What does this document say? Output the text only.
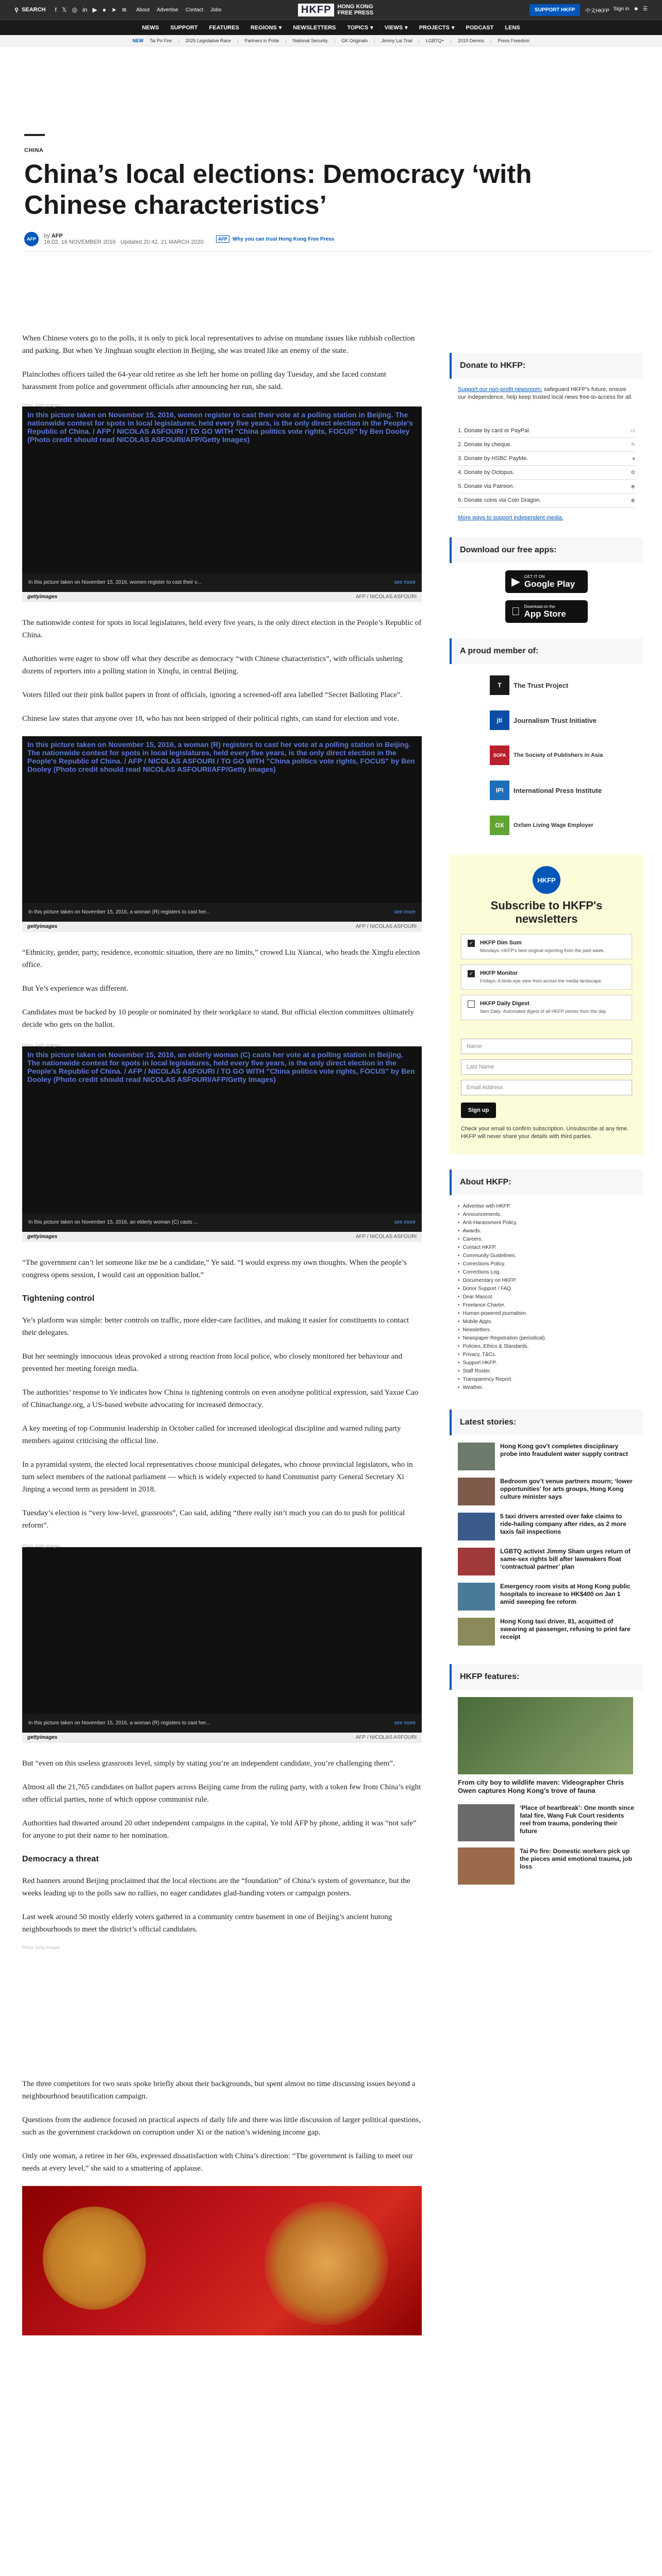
⚲ SEARCH f 𝕏 ◎ in ▶ ● ➤ ≋ About Advertise Contact Jobs	HKFP	HONG KONG
FREE PRESS	SUPPORT HKFP	中文HKFP Sign in ☻ ☰
NEWS SUPPORT FEATURES REGIONS ▾ NEWSLETTERS TOPICS ▾ VIEWS ▾ PROJECTS ▾ PODCAST LENS
NEW Tai Po Fire | 2025 Legislative Race | Partners in Pride | National Security | GK Originals | Jimmy Lai Trial | LGBTQ+ | 2019 Demos | Press Freedom
CHINA
China’s local elections: Democracy ‘with Chinese characteristics’
AFP	by AFP
16:02, 16 NOVEMBER 2016 Updated 20:42, 21 MARCH 2020	AFP	Why you can trust Hong Kong Free Press

When Chinese voters go to the polls, it is only to pick local representatives to advise on mundane issues like rubbish collection and parking. But when Ye Jinghuan sought election in Beijing, she was treated like an enemy of the state.

Plainclothes officers tailed the 64-year old retiree as she left her home on polling day Tuesday, and she faced constant harassment from police and government officials after announcing her run, she said.

Photo: Getty Images
In this picture taken on November 15, 2016, women register to cast their vote at a polling station in Beijing. The nationwide contest for spots in local legislatures, held every five years, is the only direct election in the People's Republic of China. / AFP / NICOLAS ASFOURI / TO GO WITH "China politics vote rights, FOCUS" by Ben Dooley (Photo credit should read NICOLAS ASFOURI/AFP/Getty Images)
In this picture taken on November 15, 2016, women register to cast their v...	see more
gettyimages	AFP / NICOLAS ASFOURI

The nationwide contest for spots in local legislatures, held every five years, is the only direct election in the People’s Republic of China.

Authorities were eager to show off what they describe as democracy “with Chinese characteristics”, with officials ushering dozens of reporters into a polling station in Xinqfu, in central Beijing.

Voters filled out their pink ballot papers in front of officials, ignoring a screened-off area labelled “Secret Balloting Place”.

Chinese law states that anyone over 18, who has not been stripped of their political rights, can stand for election and vote.

In this picture taken on November 15, 2016, a woman (R) registers to cast her vote at a polling station in Beijing. The nationwide contest for spots in local legislatures, held every five years, is the only direct election in the People's Republic of China. / AFP / NICOLAS ASFOURI / TO GO WITH "China politics vote rights, FOCUS" by Ben Dooley (Photo credit should read NICOLAS ASFOURI/AFP/Getty Images)
In this picture taken on November 15, 2016, a woman (R) registers to cast her...	see more
gettyimages	AFP / NICOLAS ASFOURI

“Ethnicity, gender, party, residence, economic situation, there are no limits,” crowed Liu Xiancai, who heads the Xingfu election office.

But Ye’s experience was different.

Candidates must be backed by 10 people or nominated by their workplace to stand. But official election committees ultimately decide who gets on the ballot.

Photo: Getty Images
In this picture taken on November 15, 2016, an elderly woman (C) casts her vote at a polling station in Beijing. The nationwide contest for spots in local legislatures, held every five years, is the only direct election in the People's Republic of China. / AFP / NICOLAS ASFOURI / TO GO WITH "China politics vote rights, FOCUS" by Ben Dooley (Photo credit should read NICOLAS ASFOURI/AFP/Getty Images)
In this picture taken on November 15, 2016, an elderly woman (C) casts ...	see more
gettyimages	AFP / NICOLAS ASFOURI

“The government can’t let someone like me be a candidate,” Ye said. “I would express my own thoughts. When the people’s congress opens session, I would cast an opposition ballot.”

Tightening control

Ye’s platform was simple: better controls on traffic, more elder-care facilities, and making it easier for constituents to contact their delegates.

But her seemingly innocuous ideas provoked a strong reaction from local police, who closely monitored her behaviour and prevented her meeting foreign media.

The authorities’ response to Ye indicates how China is tightening controls on even anodyne political expression, said Yaxue Cao of Chinachange.org, a US-based website advocating for increased democracy.

A key meeting of top Communist leadership in October called for increased ideological discipline and warned ruling party members against criticising the official line.

In a pyramidal system, the elected local representatives choose municipal delegates, who choose provincial legislators, who in turn select members of the national parliament — which is widely expected to hand Communist party General Secretary Xi Jinping a second term as president in 2018.

Tuesday’s election is “very low-level, grassroots”, Cao said, adding “there really isn’t much you can do to push for political reform”.

Photo: Getty Images
In this picture taken on November 15, 2016, a woman (R) registers to cast her...	see more
gettyimages	AFP / NICOLAS ASFOURI

But “even on this useless grassroots level, simply by stating you’re an independent candidate, you’re challenging them”.

Almost all the 21,765 candidates on ballot papers across Beijing came from the ruling party, with a token few from China’s eight other official parties, none of which oppose communist rule.

Authorities had thwarted around 20 other independent campaigns in the capital, Ye told AFP by phone, adding it was “not safe” for anyone to put their name to her nomination.

Democracy a threat

Red banners around Beijing proclaimed that the local elections are the “foundation” of China’s system of governance, but the weeks leading up to the polls saw no rallies, no eager candidates glad-handing voters or campaign posters.

Last week around 50 mostly elderly voters gathered in a community centre basement in one of Beijing’s ancient hutong neighbourhoods to meet the district’s official candidates.

Photo: Getty Images

The three competitors for two seats spoke briefly about their backgrounds, but spent almost no time discussing issues beyond a neighbourhood beautification campaign.

Questions from the audience focused on practical aspects of daily life and there was little discussion of larger political questions, such as the government crackdown on corruption under Xi or the nation’s widening income gap.

Only one woman, a retiree in her 60s, expressed dissatisfaction with China’s direction: “The government is failing to meet our needs at every level,” she said to a smattering of applause.

Donate to HKFP:
Support our non-profit newsroom: safeguard HKFP's future, ensure our independence, help keep trusted local news free-to-access for all.
1. Donate by card or PayPal.	▭
2. Donate by cheque.	✎
3. Donate by HSBC PayMe.	●
4. Donate by Octopus.	✿
5. Donate via Patreon.	◉
6. Donate coins via Coin Dragon.	◉
More ways to support independent media.
Download our free apps:
▶ GET IT ON
Google Play
Download on the
App Store
A proud member of:
T	The Trust Project
jti	Journalism Trust Initiative
SOPA	The Society of Publishers in Asia
IPI	International Press Institute
OX	Oxfam Living Wage Employer
HKFP
Subscribe to HKFP's newsletters
✓ HKFP Dim Sum
Mondays: HKFP's best original reporting from the past week.
✓ HKFP Monitor
Fridays: A birds-eye view from across the media landscape.
HKFP Daily Digest
9am Daily: Automated digest of all HKFP stories from the day.
Name
Last Name
Email Address
Sign up
Check your email to confirm subscription. Unsubscribe at any time. HKFP will never share your details with third parties.
About HKFP:
• Advertise with HKFP.
• Announcements.
• Anti-Harassment Policy.
• Awards.
• Careers.
• Contact HKFP.
• Community Guidelines.
• Corrections Policy.
• Corrections Log.
• Documentary on HKFP.
• Donor Support / FAQ.
• Dear Mascot.
• Freelance Charter.
• Human-powered journalism.
• Mobile Apps.
• Newsletters.
• Newspaper Registration (periodical).
• Policies, Ethics & Standards.
• Privacy, T&Cs.
• Support HKFP.
• Staff Roster.
• Transparency Report.
• Weather.
Latest stories:
Hong Kong gov’t completes disciplinary probe into fraudulent water supply contract
Bedroom gov’t venue partners mourn; ‘lower opportunities’ for arts groups, Hong Kong culture minister says
5 taxi drivers arrested over fake claims to ride-hailing company after rides, as 2 more taxis fail inspections
LGBTQ activist Jimmy Sham urges return of same-sex rights bill after lawmakers float ‘contractual partner’ plan
Emergency room visits at Hong Kong public hospitals to increase to HK$400 on Jan 1 amid sweeping fee reform
Hong Kong taxi driver, 81, acquitted of swearing at passenger, refusing to print fare receipt
HKFP features:
From city boy to wildlife maven: Videographer Chris Owen captures Hong Kong’s trove of fauna
‘Place of heartbreak’: One month since fatal fire, Wang Fuk Court residents reel from trauma, pondering their future
Tai Po fire: Domestic workers pick up the pieces amid emotional trauma, job loss
